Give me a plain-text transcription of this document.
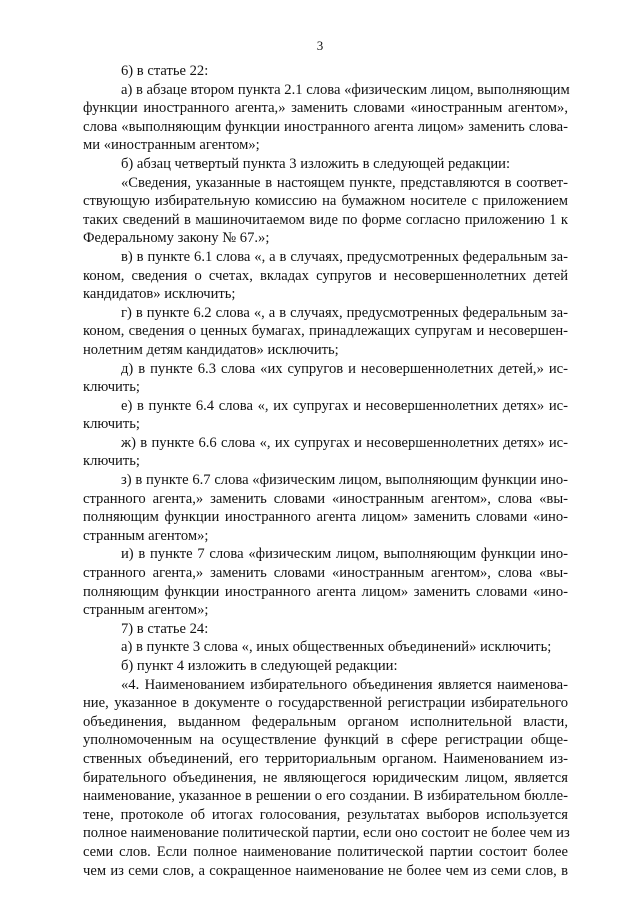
3
6) в статье 22:
а) в абзаце втором пункта 2.1 слова «физическим лицом, выполняющим
функции иностранного агента,» заменить словами «иностранным агентом»,
слова «выполняющим функции иностранного агента лицом» заменить слова-
ми «иностранным агентом»;
б) абзац четвертый пункта 3 изложить в следующей редакции:
«Сведения, указанные в настоящем пункте, представляются в соответ-
ствующую избирательную комиссию на бумажном носителе с приложением
таких сведений в машиночитаемом виде по форме согласно приложению 1 к
Федеральному закону № 67.»;
в) в пункте 6.1 слова «, а в случаях, предусмотренных федеральным за-
коном, сведения о счетах, вкладах супругов и несовершеннолетних детей
кандидатов» исключить;
г) в пункте 6.2 слова «, а в случаях, предусмотренных федеральным за-
коном, сведения о ценных бумагах, принадлежащих супругам и несовершен-
нолетним детям кандидатов» исключить;
д) в пункте 6.3 слова «их супругов и несовершеннолетних детей,» ис-
ключить;
е) в пункте 6.4 слова «, их супругах и несовершеннолетних детях» ис-
ключить;
ж) в пункте 6.6 слова «, их супругах и несовершеннолетних детях» ис-
ключить;
з) в пункте 6.7 слова «физическим лицом, выполняющим функции ино-
странного агента,» заменить словами «иностранным агентом», слова «вы-
полняющим функции иностранного агента лицом» заменить словами «ино-
странным агентом»;
и) в пункте 7 слова «физическим лицом, выполняющим функции ино-
странного агента,» заменить словами «иностранным агентом», слова «вы-
полняющим функции иностранного агента лицом» заменить словами «ино-
странным агентом»;
7) в статье 24:
а) в пункте 3 слова «, иных общественных объединений» исключить;
б) пункт 4 изложить в следующей редакции:
«4. Наименованием избирательного объединения является наименова-
ние, указанное в документе о государственной регистрации избирательного
объединения, выданном федеральным органом исполнительной власти,
уполномоченным на осуществление функций в сфере регистрации обще-
ственных объединений, его территориальным органом. Наименованием из-
бирательного объединения, не являющегося юридическим лицом, является
наименование, указанное в решении о его создании. В избирательном бюлле-
тене, протоколе об итогах голосования, результатах выборов используется
полное наименование политической партии, если оно состоит не более чем из
семи слов. Если полное наименование политической партии состоит более
чем из семи слов, а сокращенное наименование не более чем из семи слов, в
